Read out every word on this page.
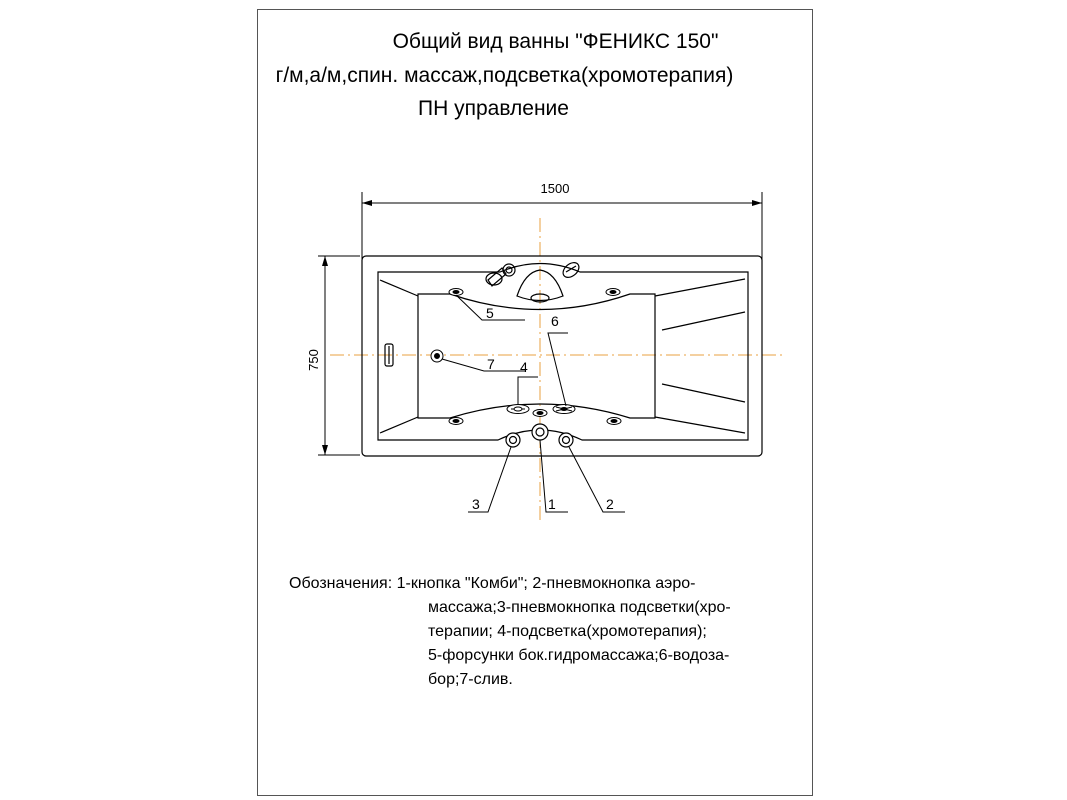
Общий вид ванны "ФЕНИКС 150"
г/м,а/м,спин. массаж,подсветка(хромотерапия)
ПН управление
1500
750
5	6
7 4
1	2
3
Обозначения: 1-кнопка "Комби"; 2-пневмокнопка аэро-
массажа;3-пневмокнопка подсветки(хро-
терапии; 4-подсветка(хромотерапия);
5-форсунки бок.гидромассажа;6-водоза-
бор;7-слив.
